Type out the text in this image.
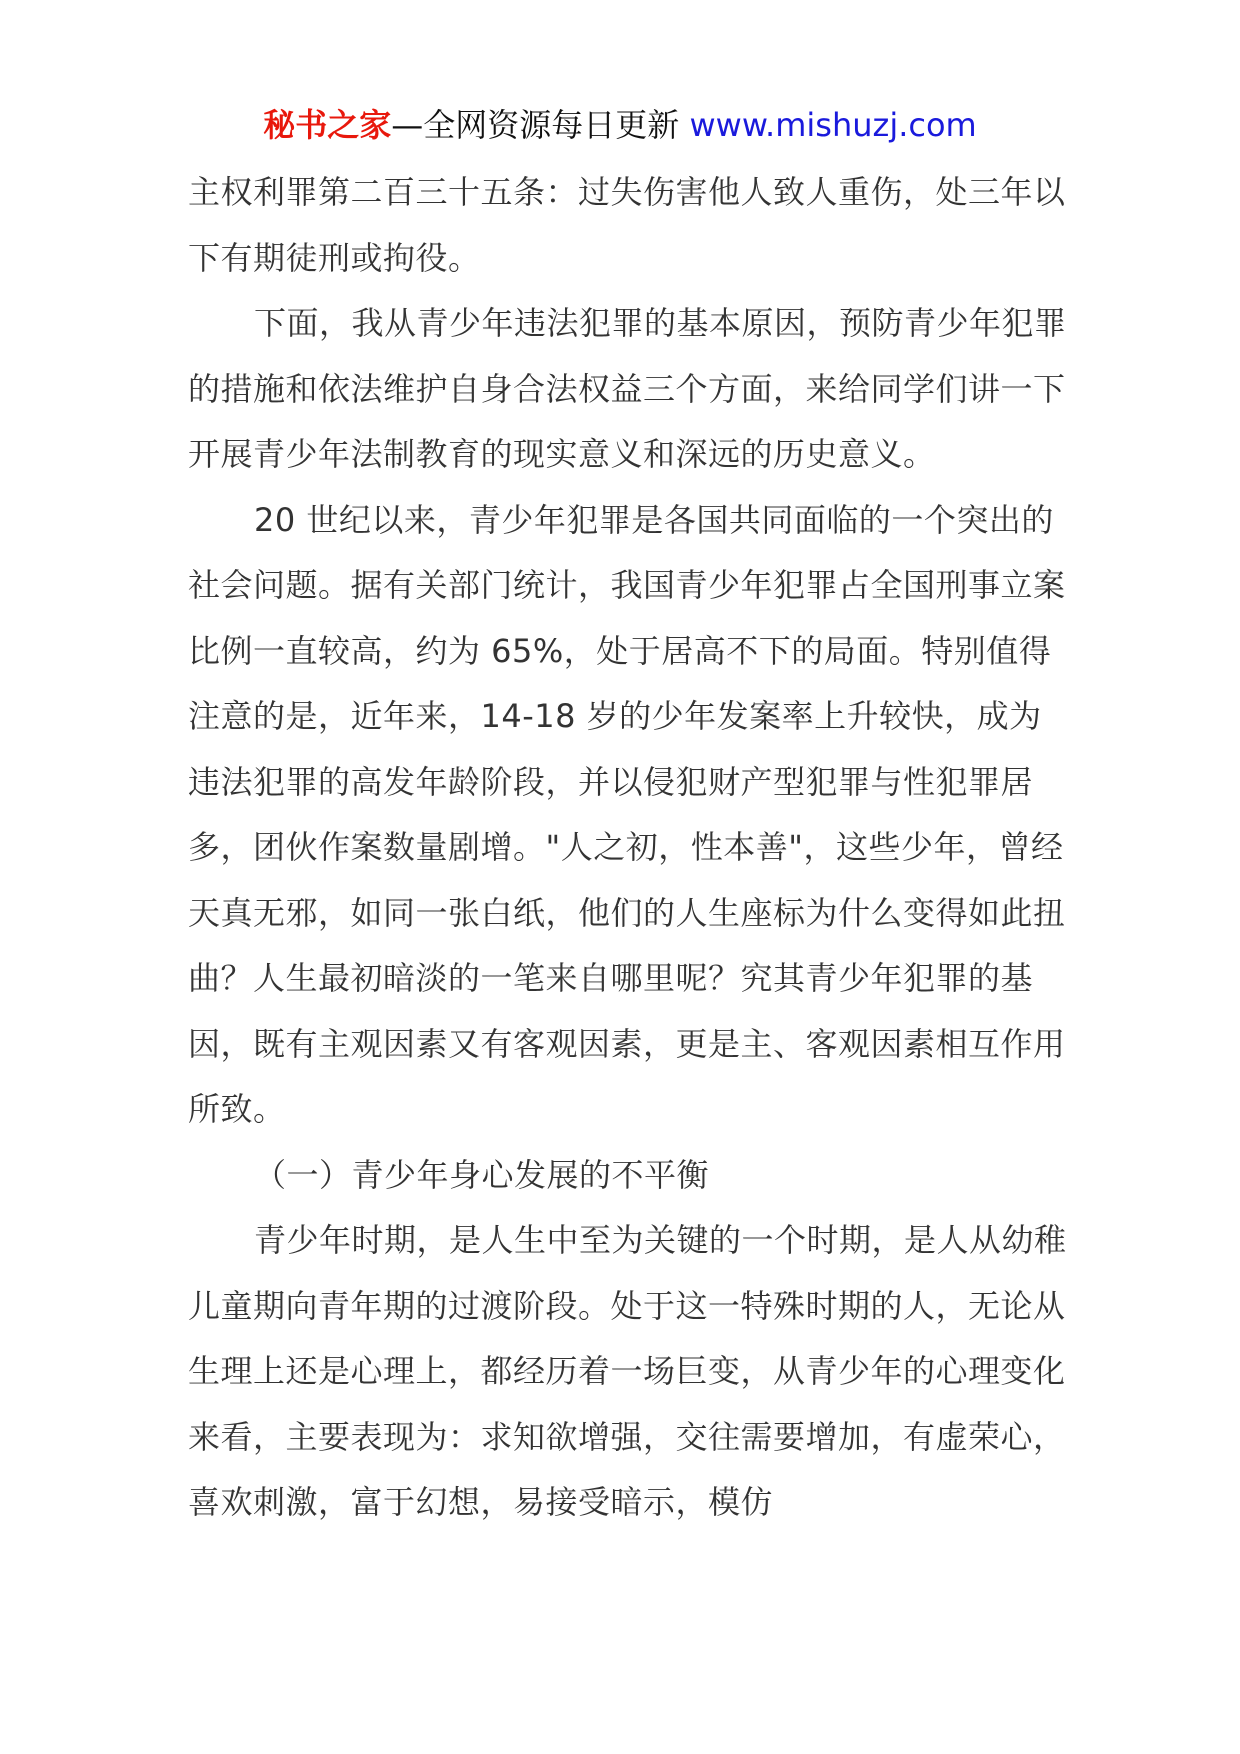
秘书之家—全网资源每日更新 www.mishuzj.com

主权利罪第二百三十五条：过失伤害他人致人重伤，处三年以下有期徒刑或拘役。

下面，我从青少年违法犯罪的基本原因，预防青少年犯罪的措施和依法维护自身合法权益三个方面，来给同学们讲一下开展青少年法制教育的现实意义和深远的历史意义。

20 世纪以来，青少年犯罪是各国共同面临的一个突出的社会问题。据有关部门统计，我国青少年犯罪占全国刑事立案比例一直较高，约为 65%，处于居高不下的局面。特别值得注意的是，近年来，14-18 岁的少年发案率上升较快，成为违法犯罪的高发年龄阶段，并以侵犯财产型犯罪与性犯罪居多，团伙作案数量剧增。"人之初，性本善"，这些少年，曾经天真无邪，如同一张白纸，他们的人生座标为什么变得如此扭曲？人生最初暗淡的一笔来自哪里呢？究其青少年犯罪的基因，既有主观因素又有客观因素，更是主、客观因素相互作用所致。

（一）青少年身心发展的不平衡

青少年时期，是人生中至为关键的一个时期，是人从幼稚儿童期向青年期的过渡阶段。处于这一特殊时期的人，无论从生理上还是心理上，都经历着一场巨变，从青少年的心理变化来看，主要表现为：求知欲增强，交往需要增加，有虚荣心，喜欢刺激，富于幻想，易接受暗示，模仿
